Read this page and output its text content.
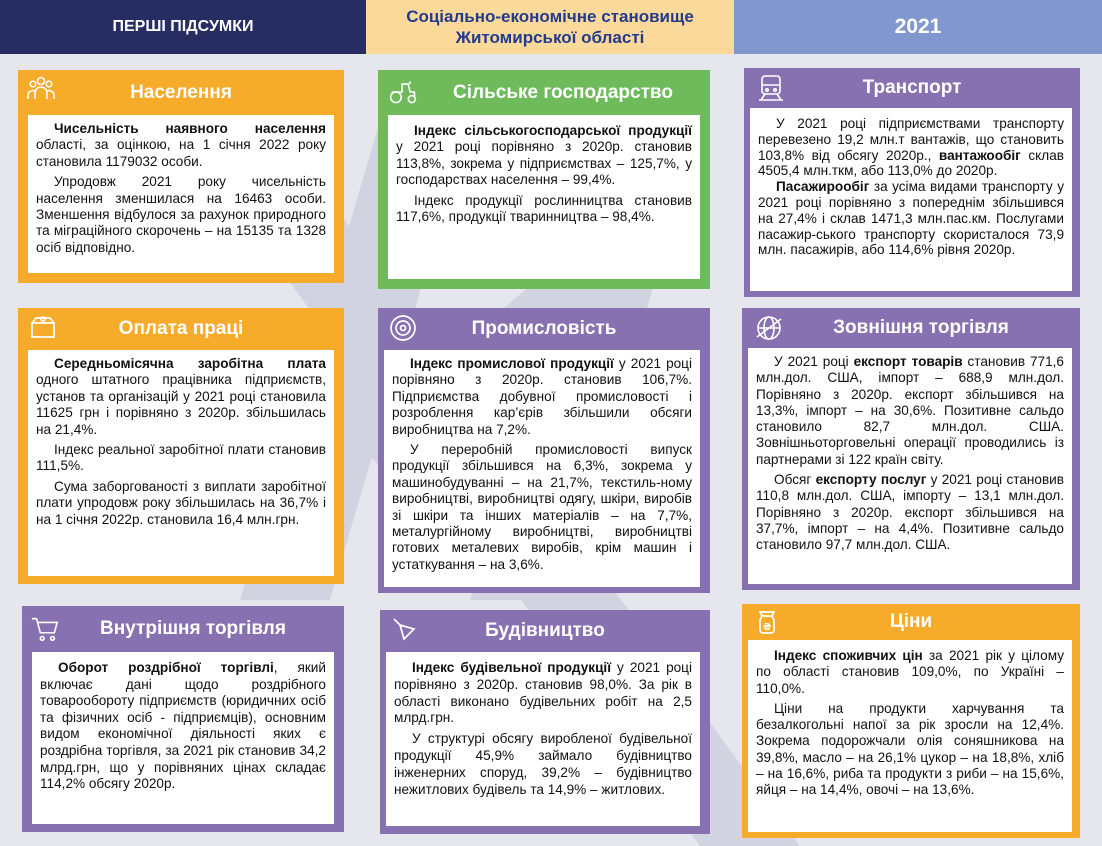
ПЕРШІ ПІДСУМКИ
Соціально-економічне становище
Житомирської області	2021
Населення

Чисельність наявного населення області, за оцінкою, на 1 січня 2022 року становила 1179032 особи.

Упродовж 2021 року чисельність населення зменшилася на 16463 особи. Зменшення відбулося за рахунок природного та міграційного скорочень – на 15135 та 1328 осіб відповідно.

Сільське господарство

Індекс сільськогосподарської продукції у 2021 році порівняно з 2020р. становив 113,8%, зокрема у підприємствах – 125,7%, у господарствах населення – 99,4%.

Індекс продукції рослинництва становив 117,6%, продукції тваринництва – 98,4%.

Транспорт

У 2021 році підприємствами транспорту перевезено 19,2 млн.т вантажів, що становить 103,8% від обсягу 2020р., вантажообіг склав 4505,4 млн.ткм, або 113,0% до 2020р.

Пасажирообіг за усіма видами транспорту у 2021 році порівняно з попереднім збільшився на 27,4% і склав 1471,3 млн.пас.км. Послугами пасажир-ського транспорту скористалося 73,9 млн. пасажирів, або 114,6% рівня 2020р.

Оплата праці

Середньомісячна заробітна плата одного штатного працівника підприємств, установ та організацій у 2021 році становила 11625 грн і порівняно з 2020р. збільшилась на 21,4%.

Індекс реальної заробітної плати становив 111,5%.

Сума заборгованості з виплати заробітної плати упродовж року збільшилась на 36,7% і на 1 січня 2022р. становила 16,4 млн.грн.

Промисловість

Індекс промислової продукції у 2021 році порівняно з 2020р. становив 106,7%. Підприємства добувної промисловості і розроблення кар’єрів збільшили обсяги виробництва на 7,2%.

У переробній промисловості випуск продукції збільшився на 6,3%, зокрема у машинобудуванні – на 21,7%, текстиль-ному виробництві, виробництві одягу, шкіри, виробів зі шкіри та інших матеріалів – на 7,7%, металургійному виробництві, виробництві готових металевих виробів, крім машин і устаткування – на 3,6%.

Зовнішня торгівля

У 2021 році експорт товарів становив 771,6 млн.дол. США, імпорт – 688,9 млн.дол. Порівняно з 2020р. експорт збільшився на 13,3%, імпорт – на 30,6%. Позитивне сальдо становило 82,7 млн.дол. США. Зовнішньоторговельні операції проводились із партнерами зі 122 країн світу.

Обсяг експорту послуг у 2021 році становив 110,8 млн.дол. США, імпорту – 13,1 млн.дол. Порівняно з 2020р. експорт збільшився на 37,7%, імпорт – на 4,4%. Позитивне сальдо становило 97,7 млн.дол. США.

Внутрішня торгівля

Оборот роздрібної торгівлі, який включає дані щодо роздрібного товарообороту підприємств (юридичних осіб та фізичних осіб - підприємців), основним видом економічної діяльності яких є роздрібна торгівля, за 2021 рік становив 34,2 млрд.грн, що у порівняних цінах складає 114,2% обсягу 2020р.

Будівництво

Індекс будівельної продукції у 2021 році порівняно з 2020р. становив 98,0%. За рік в області виконано будівельних робіт на 2,5 млрд.грн.

У структурі обсягу виробленої будівельної продукції 45,9% займало будівництво інженерних споруд, 39,2% – будівництво нежитлових будівель та 14,9% – житлових.

₴	Ціни

Індекс споживчих цін за 2021 рік у цілому по області становив 109,0%, по Україні – 110,0%.

Ціни на продукти харчування та безалкогольні напої за рік зросли на 12,4%. Зокрема подорожчали олія соняшникова на 39,8%, масло – на 26,1% цукор – на 18,8%, хліб – на 16,6%, риба та продукти з риби – на 15,6%, яйця – на 14,4%, овочі – на 13,6%.
